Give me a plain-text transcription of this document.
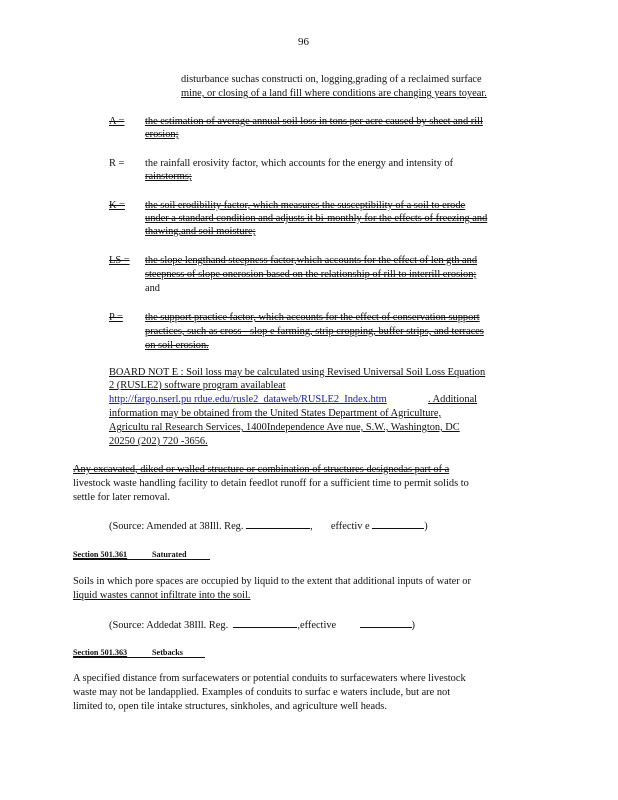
96
disturbance suchas constructi on, logging,grading of a reclaimed surface
mine, or closing of a land fill where conditions are changing years toyear.
A = the estimation of average annual soil loss in tons per acre caused by sheet and rill
erosion;
R = the rainfall erosivity factor, which accounts for the energy and intensity of
rainstorms;
K = the soil erodibility factor, which measures the susceptibility of a soil to erode
under a standard condition and adjusts it bi-monthly for the effects of freezing and
thawing,and soil moisture;
LS = the slope lengthand steepness factor,which accounts for the effect of len gth and
steepness of slope onerosion based on the relationship of rill to interrill erosion;
and
P = the support practice factor, which accounts for the effect of conservation support
practices, such as cross - slop e farming, strip cropping, buffer strips, and terraces
on soil erosion.
BOARD NOT E : Soil loss may be calculated using Revised Universal Soil Loss Equation
2 (RUSLE2) software program availableat
http://fargo.nserl.pu rdue.edu/rusle2_dataweb/RUSLE2_Index.htm	. Additional
information may be obtained from the United States Department of Agriculture,
Agricultu ral Research Services, 1400Independence Ave nue, S.W., Washington, DC
20250 (202) 720 -3656.
Any excavated, diked or walled structure or combination of structures designedas part of a
livestock waste handling facility to detain feedlot runoff for a sufficient time to permit solids to
settle for later removal.
(Source: Amended at 38Ill. Reg.	, effectiv e	)
Section 501.361	Saturated
Soils in which pore spaces are occupied by liquid to the extent that additional inputs of water or
liquid wastes cannot infiltrate into the soil.
(Source: Addedat 38Ill. Reg.	,effective	)
Section 501.363	Setbacks
A specified distance from surfacewaters or potential conduits to surfacewaters where livestock
waste may not be landapplied. Examples of conduits to surfac e waters include, but are not
limited to, open tile intake structures, sinkholes, and agriculture well heads.
